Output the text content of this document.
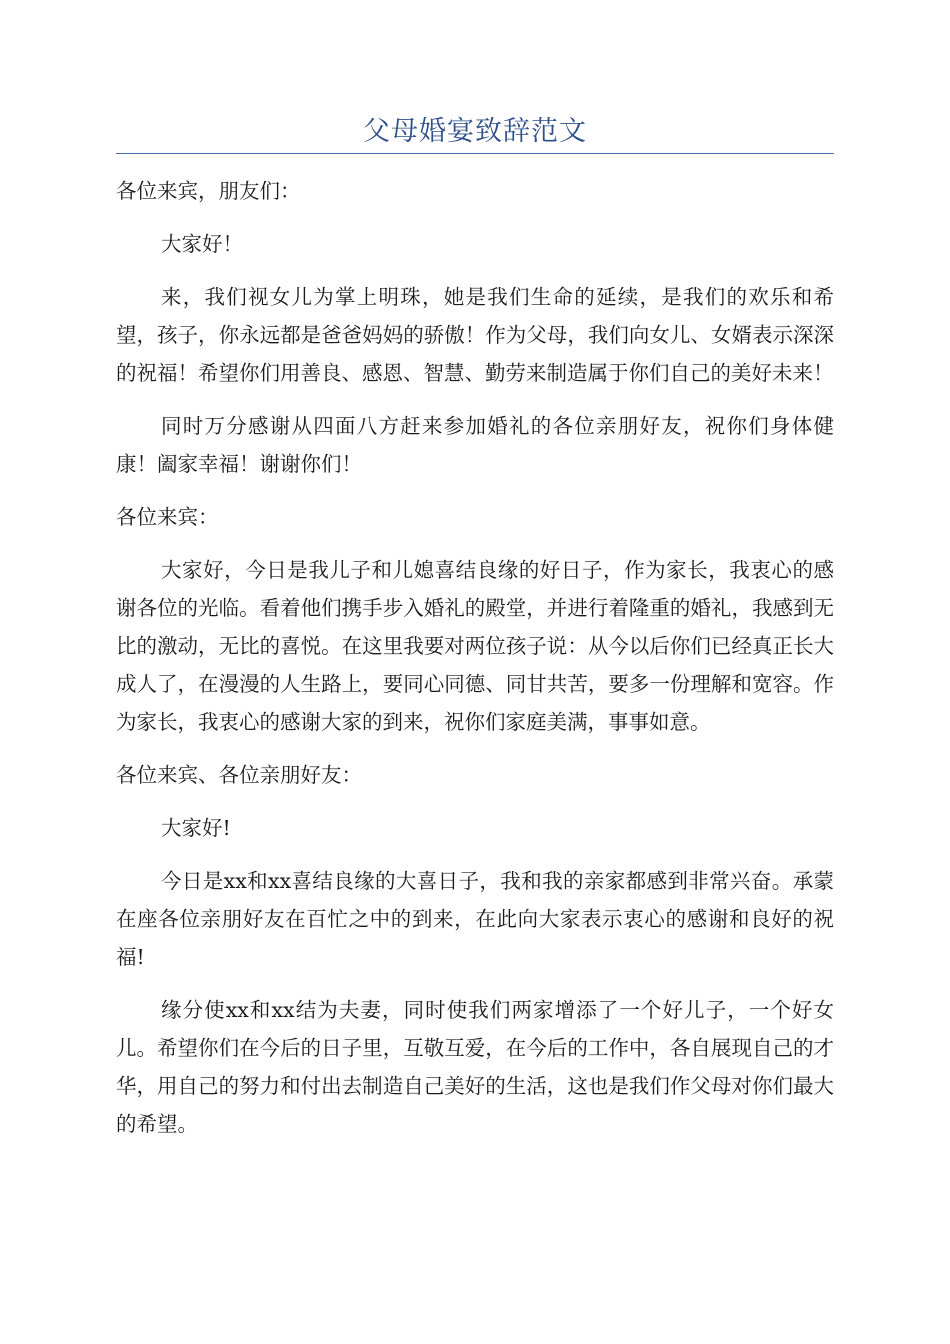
父母婚宴致辞范文

各位来宾，朋友们：

大家好！

来，我们视女儿为掌上明珠，她是我们生命的延续，是我们的欢乐和希望，孩子，你永远都是爸爸妈妈的骄傲！作为父母，我们向女儿、女婿表示深深的祝福！希望你们用善良、感恩、智慧、勤劳来制造属于你们自己的美好未来！

同时万分感谢从四面八方赶来参加婚礼的各位亲朋好友，祝你们身体健康！阖家幸福！谢谢你们！

各位来宾：

大家好，今日是我儿子和儿媳喜结良缘的好日子，作为家长，我衷心的感谢各位的光临。看着他们携手步入婚礼的殿堂，并进行着隆重的婚礼，我感到无比的激动，无比的喜悦。在这里我要对两位孩子说：从今以后你们已经真正长大成人了，在漫漫的人生路上，要同心同德、同甘共苦，要多一份理解和宽容。作为家长，我衷心的感谢大家的到来，祝你们家庭美满，事事如意。

各位来宾、各位亲朋好友：

大家好!

今日是xx和xx喜结良缘的大喜日子，我和我的亲家都感到非常兴奋。承蒙在座各位亲朋好友在百忙之中的到来，在此向大家表示衷心的感谢和良好的祝福!

缘分使xx和xx结为夫妻，同时使我们两家增添了一个好儿子，一个好女儿。希望你们在今后的日子里，互敬互爱，在今后的工作中，各自展现自己的才华，用自己的努力和付出去制造自己美好的生活，这也是我们作父母对你们最大的希望。
